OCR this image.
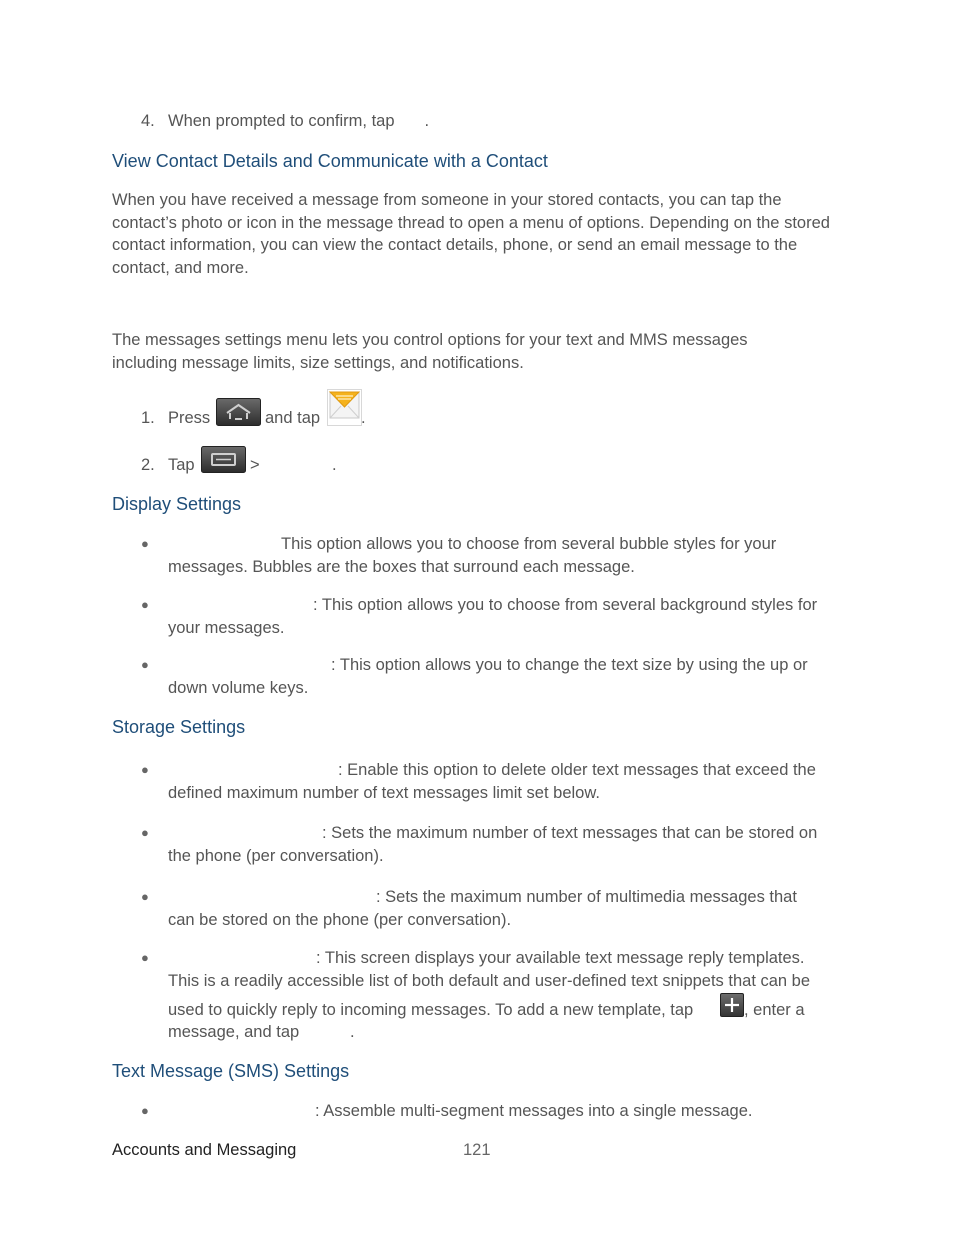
4. When prompted to confirm, tap .
View Contact Details and Communicate with a Contact
When you have received a message from someone in your stored contacts, you can tap the contact’s photo or icon in the message thread to open a menu of options. Depending on the stored contact information, you can view the contact details, phone, or send an email message to the contact, and more.
The messages settings menu lets you control options for your text and MMS messages including message limits, size settings, and notifications.
1. Press	and tap .
2. Tap	>	.
Display Settings
●	This option allows you to choose from several bubble styles for your
messages. Bubbles are the boxes that surround each message.
●	: This option allows you to choose from several background styles for
your messages.
●	: This option allows you to change the text size by using the up or
down volume keys.
Storage Settings
●	: Enable this option to delete older text messages that exceed the
defined maximum number of text messages limit set below.
●	: Sets the maximum number of text messages that can be stored on
the phone (per conversation).
●	: Sets the maximum number of multimedia messages that
can be stored on the phone (per conversation).
●	: This screen displays your available text message reply templates.
This is a readily accessible list of both default and user-defined text snippets that can be
used to quickly reply to incoming messages. To add a new template, tap	, enter a
message, and tap	.
Text Message (SMS) Settings
●	: Assemble multi-segment messages into a single message.
Accounts and Messaging	121
